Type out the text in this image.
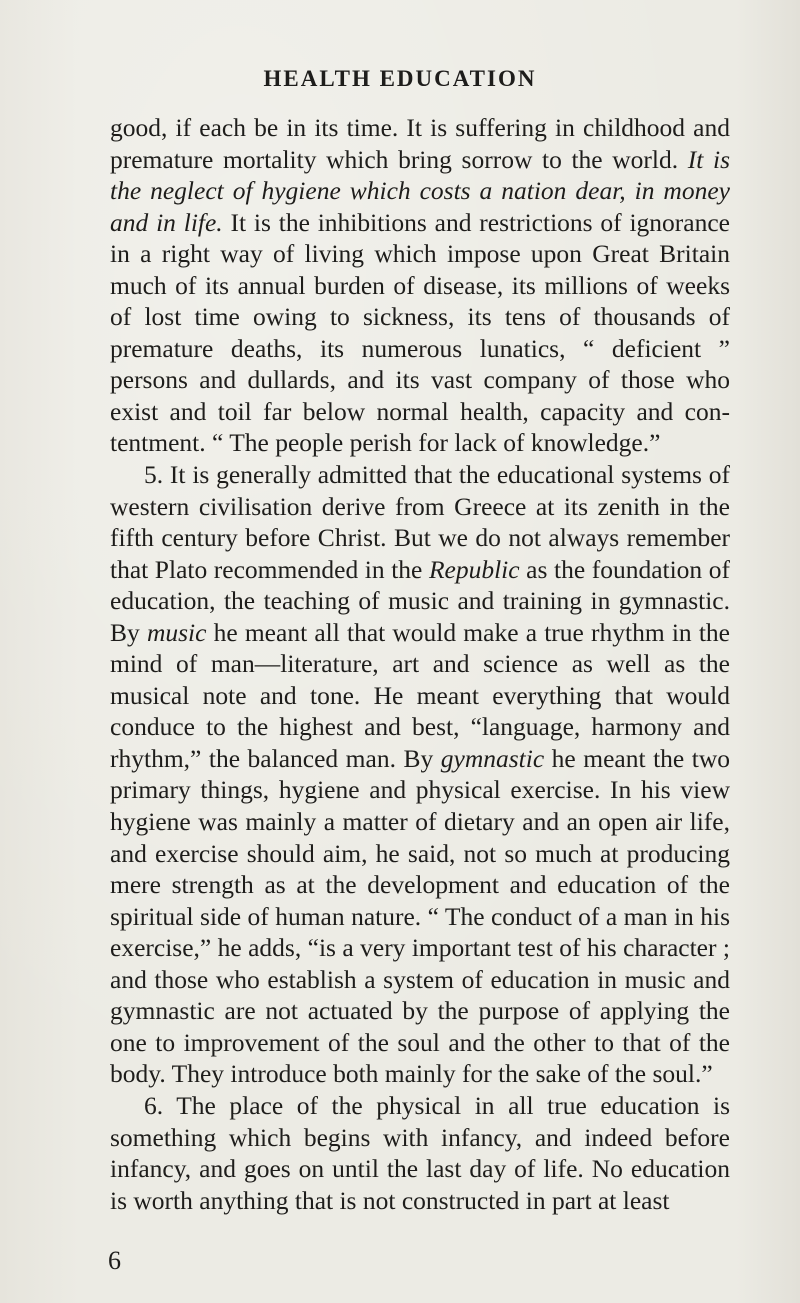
HEALTH EDUCATION

good, if each be in its time. It is suffering in childhood and premature mortality which bring sorrow to the world. It is the neglect of hygiene which costs a nation dear, in money and in life. It is the inhibitions and restrictions of ignorance in a right way of living which impose upon Great Britain much of its annual burden of disease, its millions of weeks of lost time owing to sickness, its tens of thousands of premature deaths, its numerous lunatics, “ deficient ” persons and dullards, and its vast company of those who exist and toil far below normal health, capacity and con-tentment. “ The people perish for lack of knowledge.”

5. It is generally admitted that the educational systems of western civilisation derive from Greece at its zenith in the fifth century before Christ. But we do not always remember that Plato recommended in the Republic as the foundation of education, the teaching of music and training in gymnastic. By music he meant all that would make a true rhythm in the mind of man—literature, art and science as well as the musical note and tone. He meant everything that would conduce to the highest and best, “language, harmony and rhythm,” the balanced man. By gymnastic he meant the two primary things, hygiene and physical exercise. In his view hygiene was mainly a matter of dietary and an open air life, and exercise should aim, he said, not so much at producing mere strength as at the development and education of the spiritual side of human nature. “ The conduct of a man in his exercise,” he adds, “is a very important test of his character ; and those who establish a system of education in music and gymnastic are not actuated by the purpose of applying the one to improvement of the soul and the other to that of the body. They introduce both mainly for the sake of the soul.”

6. The place of the physical in all true education is something which begins with infancy, and indeed before infancy, and goes on until the last day of life. No education is worth anything that is not constructed in part at least

6
